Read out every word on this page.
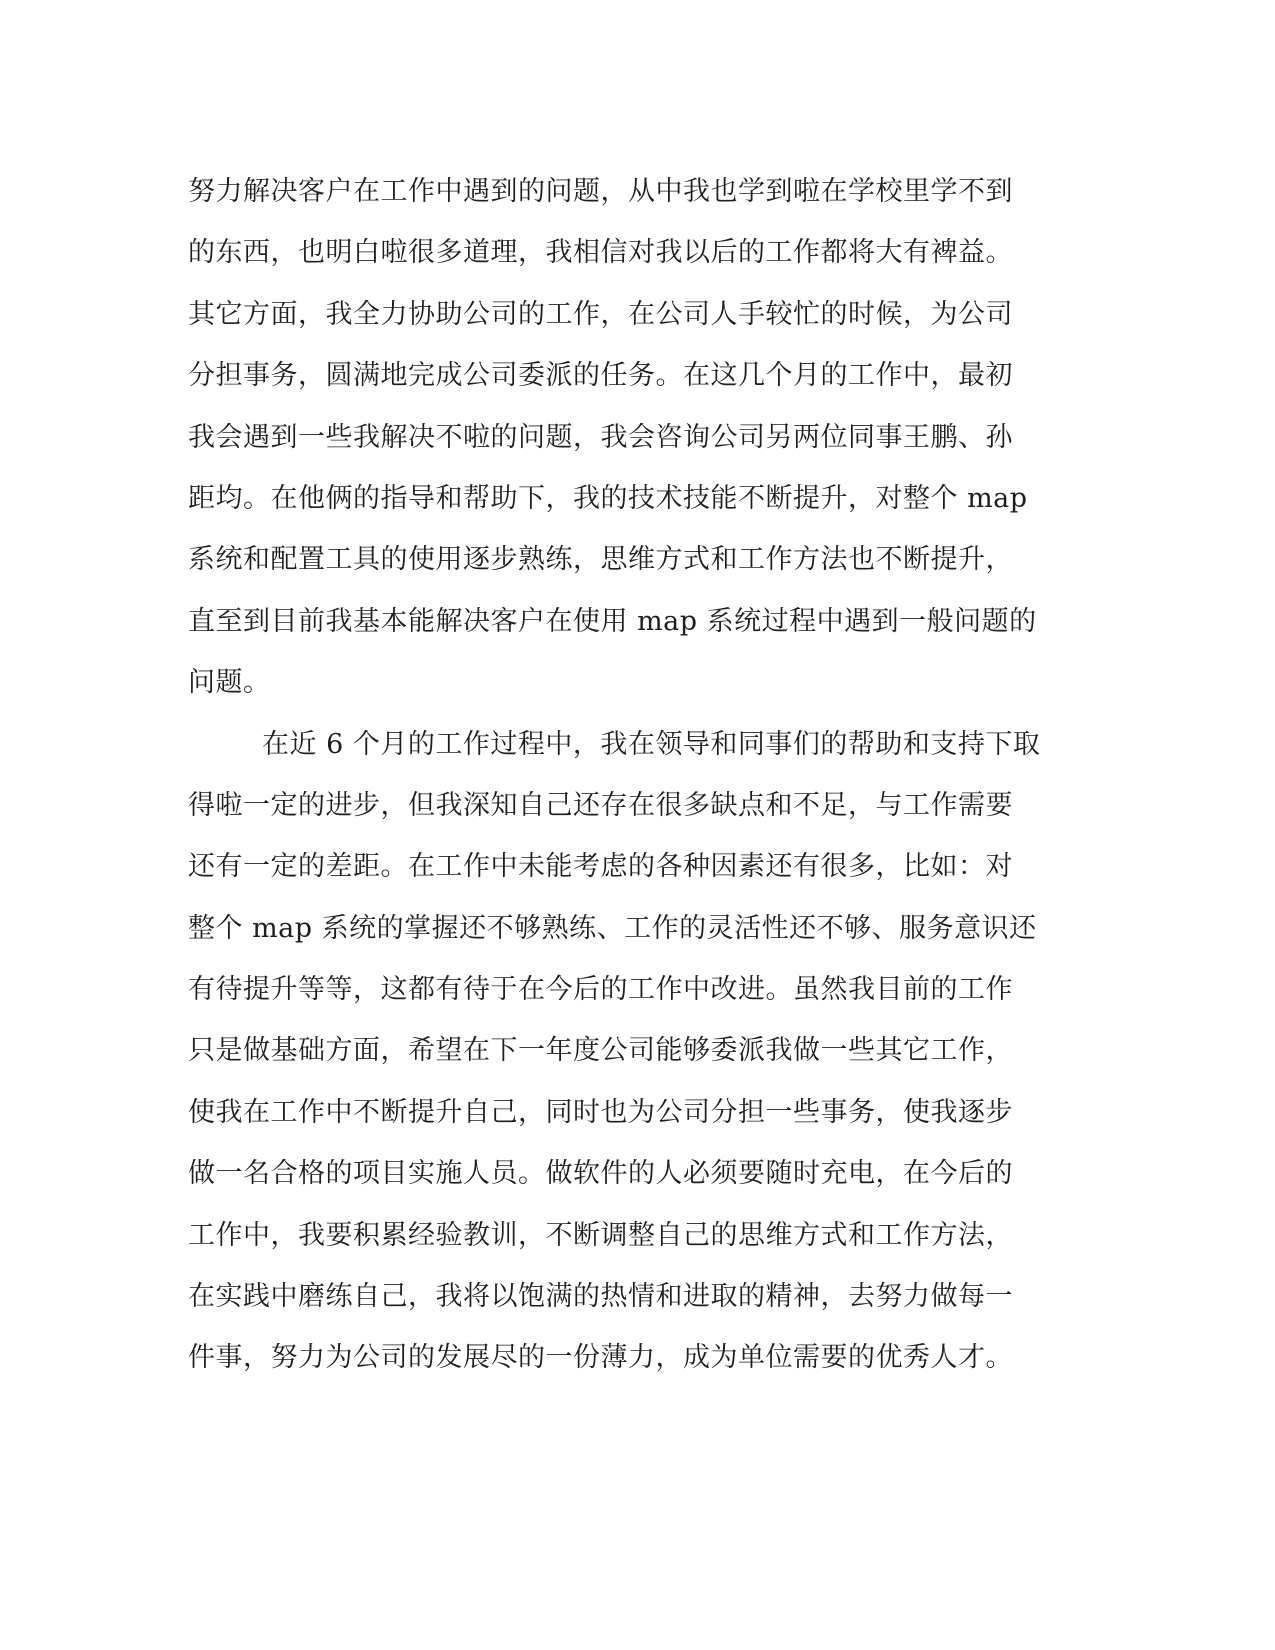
努力解决客户在工作中遇到的问题，从中我也学到啦在学校里学不到
的东西，也明白啦很多道理，我相信对我以后的工作都将大有裨益。
其它方面，我全力协助公司的工作，在公司人手较忙的时候，为公司
分担事务，圆满地完成公司委派的任务。在这几个月的工作中，最初
我会遇到一些我解决不啦的问题，我会咨询公司另两位同事王鹏、孙
距均。在他俩的指导和帮助下，我的技术技能不断提升，对整个 map
系统和配置工具的使用逐步熟练，思维方式和工作方法也不断提升，
直至到目前我基本能解决客户在使用 map 系统过程中遇到一般问题的
问题。
在近 6 个月的工作过程中，我在领导和同事们的帮助和支持下取
得啦一定的进步，但我深知自己还存在很多缺点和不足，与工作需要
还有一定的差距。在工作中未能考虑的各种因素还有很多，比如：对
整个 map 系统的掌握还不够熟练、工作的灵活性还不够、服务意识还
有待提升等等，这都有待于在今后的工作中改进。虽然我目前的工作
只是做基础方面，希望在下一年度公司能够委派我做一些其它工作，
使我在工作中不断提升自己，同时也为公司分担一些事务，使我逐步
做一名合格的项目实施人员。做软件的人必须要随时充电，在今后的
工作中，我要积累经验教训，不断调整自己的思维方式和工作方法，
在实践中磨练自己，我将以饱满的热情和进取的精神，去努力做每一
件事，努力为公司的发展尽的一份薄力，成为单位需要的优秀人才。
